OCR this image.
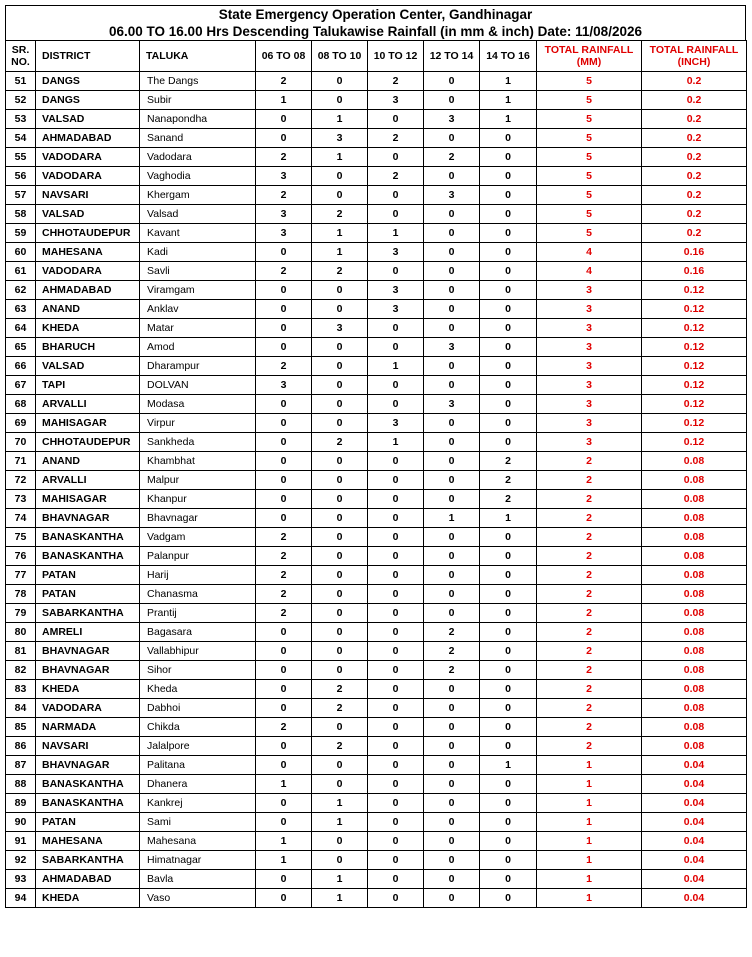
State Emergency Operation Center, Gandhinagar
06.00 TO 16.00 Hrs Descending Talukawise Rainfall (in mm & inch) Date: 11/08/2026
SR.
NO.	DISTRICT	TALUKA	06 TO 08	08 TO 10	10 TO 12	12 TO 14	14 TO 16	TOTAL RAINFALL
(MM)	TOTAL RAINFALL
(INCH)
51	DANGS	The Dangs	2	0	2	0	1	5	0.2
52	DANGS	Subir	1	0	3	0	1	5	0.2
53	VALSAD	Nanapondha	0	1	0	3	1	5	0.2
54	AHMADABAD	Sanand	0	3	2	0	0	5	0.2
55	VADODARA	Vadodara	2	1	0	2	0	5	0.2
56	VADODARA	Vaghodia	3	0	2	0	0	5	0.2
57	NAVSARI	Khergam	2	0	0	3	0	5	0.2
58	VALSAD	Valsad	3	2	0	0	0	5	0.2
59	CHHOTAUDEPUR	Kavant	3	1	1	0	0	5	0.2
60	MAHESANA	Kadi	0	1	3	0	0	4	0.16
61	VADODARA	Savli	2	2	0	0	0	4	0.16
62	AHMADABAD	Viramgam	0	0	3	0	0	3	0.12
63	ANAND	Anklav	0	0	3	0	0	3	0.12
64	KHEDA	Matar	0	3	0	0	0	3	0.12
65	BHARUCH	Amod	0	0	0	3	0	3	0.12
66	VALSAD	Dharampur	2	0	1	0	0	3	0.12
67	TAPI	DOLVAN	3	0	0	0	0	3	0.12
68	ARVALLI	Modasa	0	0	0	3	0	3	0.12
69	MAHISAGAR	Virpur	0	0	3	0	0	3	0.12
70	CHHOTAUDEPUR	Sankheda	0	2	1	0	0	3	0.12
71	ANAND	Khambhat	0	0	0	0	2	2	0.08
72	ARVALLI	Malpur	0	0	0	0	2	2	0.08
73	MAHISAGAR	Khanpur	0	0	0	0	2	2	0.08
74	BHAVNAGAR	Bhavnagar	0	0	0	1	1	2	0.08
75	BANASKANTHA	Vadgam	2	0	0	0	0	2	0.08
76	BANASKANTHA	Palanpur	2	0	0	0	0	2	0.08
77	PATAN	Harij	2	0	0	0	0	2	0.08
78	PATAN	Chanasma	2	0	0	0	0	2	0.08
79	SABARKANTHA	Prantij	2	0	0	0	0	2	0.08
80	AMRELI	Bagasara	0	0	0	2	0	2	0.08
81	BHAVNAGAR	Vallabhipur	0	0	0	2	0	2	0.08
82	BHAVNAGAR	Sihor	0	0	0	2	0	2	0.08
83	KHEDA	Kheda	0	2	0	0	0	2	0.08
84	VADODARA	Dabhoi	0	2	0	0	0	2	0.08
85	NARMADA	Chikda	2	0	0	0	0	2	0.08
86	NAVSARI	Jalalpore	0	2	0	0	0	2	0.08
87	BHAVNAGAR	Palitana	0	0	0	0	1	1	0.04
88	BANASKANTHA	Dhanera	1	0	0	0	0	1	0.04
89	BANASKANTHA	Kankrej	0	1	0	0	0	1	0.04
90	PATAN	Sami	0	1	0	0	0	1	0.04
91	MAHESANA	Mahesana	1	0	0	0	0	1	0.04
92	SABARKANTHA	Himatnagar	1	0	0	0	0	1	0.04
93	AHMADABAD	Bavla	0	1	0	0	0	1	0.04
94	KHEDA	Vaso	0	1	0	0	0	1	0.04
